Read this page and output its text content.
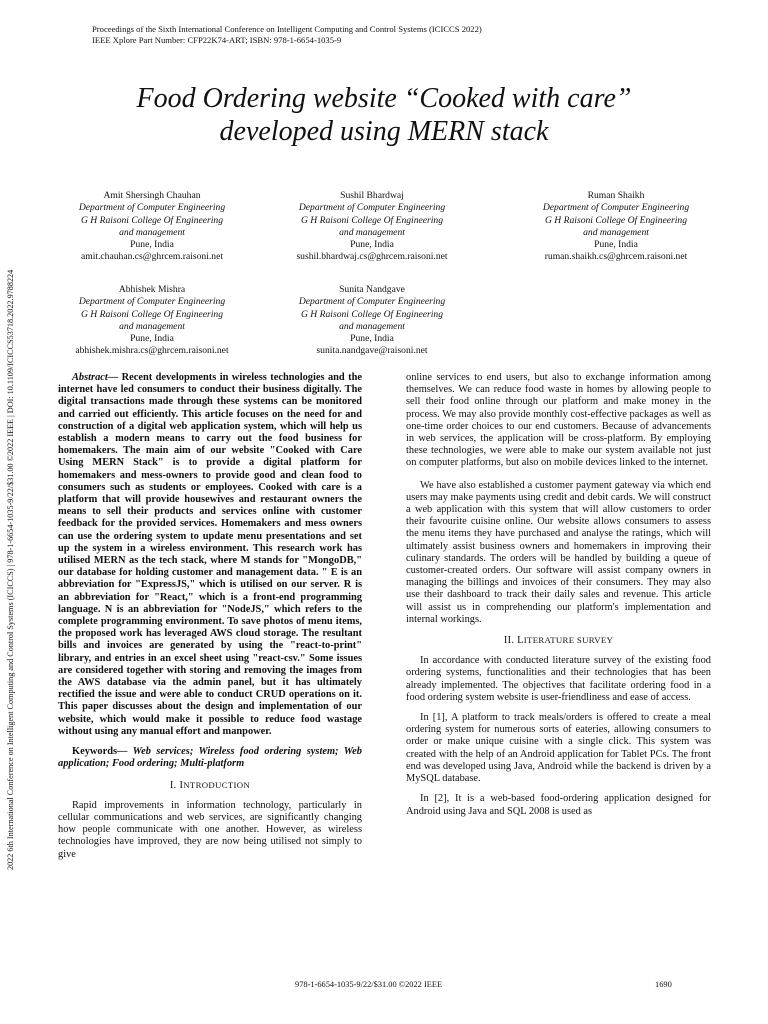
Proceedings of the Sixth International Conference on Intelligent Computing and Control Systems (ICICCS 2022)
IEEE Xplore Part Number: CFP22K74-ART; ISBN: 978-1-6654-1035-9
2022 6th International Conference on Intelligent Computing and Control Systems (ICICCS) | 978-1-6654-1035-9/22/$31.00 ©2022 IEEE | DOI: 10.1109/ICICCS53718.2022.9788224
Food Ordering website “Cooked with care”
developed using MERN stack
Amit Shersingh Chauhan
Department of Computer Engineering
G H Raisoni College Of Engineering
and management
Pune, India
amit.chauhan.cs@ghrcem.raisoni.net
Sushil Bhardwaj
Department of Computer Engineering
G H Raisoni College Of Engineering
and management
Pune, India
sushil.bhardwaj.cs@ghrcem.raisoni.net
Ruman Shaikh
Department of Computer Engineering
G H Raisoni College Of Engineering
and management
Pune, India
ruman.shaikh.cs@ghrcem.raisoni.net
Abhishek Mishra
Department of Computer Engineering
G H Raisoni College Of Engineering
and management
Pune, India
abhishek.mishra.cs@ghrcem.raisoni.net
Sunita Nandgave
Department of Computer Engineering
G H Raisoni College Of Engineering
and management
Pune, India
sunita.nandgave@raisoni.net

Abstract— Recent developments in wireless technologies and the internet have led consumers to conduct their business digitally. The digital transactions made through these systems can be monitored and carried out efficiently. This article focuses on the need for and construction of a digital web application system, which will help us establish a modern means to carry out the food business for homemakers. The main aim of our website "Cooked with Care Using MERN Stack" is to provide a digital platform for homemakers and mess-owners to provide good and clean food to consumers such as students or employees. Cooked with care is a platform that will provide housewives and restaurant owners the means to sell their products and services online with customer feedback for the provided services. Homemakers and mess owners can use the ordering system to update menu presentations and set up the system in a wireless environment. This research work has utilised MERN as the tech stack, where M stands for "MongoDB," our database for holding customer and management data. " E is an abbreviation for "ExpressJS," which is utilised on our server. R is an abbreviation for "React," which is a front-end programming language. N is an abbreviation for "NodeJS," which refers to the complete programming environment. To save photos of menu items, the proposed work has leveraged AWS cloud storage. The resultant bills and invoices are generated by using the "react-to-print" library, and entries in an excel sheet using "react-csv." Some issues are considered together with storing and removing the images from the AWS database via the admin panel, but it has ultimately rectified the issue and were able to conduct CRUD operations on it. This paper discusses about the design and implementation of our website, which would make it possible to reduce food wastage without using any manual effort and manpower.

Keywords— Web services; Wireless food ordering system; Web application; Food ordering; Multi-platform

I. INTRODUCTION

Rapid improvements in information technology, particularly in cellular communications and web services, are significantly changing how people communicate with one another. However, as wireless technologies have improved, they are now being utilised not simply to give

online services to end users, but also to exchange information among themselves. We can reduce food waste in homes by allowing people to sell their food online through our platform and make money in the process. We may also provide monthly cost-effective packages as well as one-time order choices to our end customers. Because of advancements in web services, the application will be cross-platform. By employing these technologies, we were able to make our system available not just on computer platforms, but also on mobile devices linked to the internet.

We have also established a customer payment gateway via which end users may make payments using credit and debit cards. We will construct a web application with this system that will allow customers to order their favourite cuisine online. Our website allows consumers to assess the menu items they have purchased and analyse the ratings, which will ultimately assist business owners and homemakers in improving their culinary standards. The orders will be handled by building a queue of customer-created orders. Our software will assist company owners in managing the billings and invoices of their consumers. They may also use their dashboard to track their daily sales and revenue. This article will assist us in comprehending our platform's implementation and internal workings.

II. LITERATURE SURVEY

In accordance with conducted literature survey of the existing food ordering systems, functionalities and their technologies that has been already implemented. The objectives that facilitate ordering food in a food ordering system website is user-friendliness and ease of access.

In [1], A platform to track meals/orders is offered to create a meal ordering system for numerous sorts of eateries, allowing consumers to order or make unique cuisine with a single click. This system was created with the help of an Android application for Tablet PCs. The front end was developed using Java, Android while the backend is driven by a MySQL database.

In [2], It is a web-based food-ordering application designed for Android using Java and SQL 2008 is used as

978-1-6654-1035-9/22/$31.00 ©2022 IEEE	1690
